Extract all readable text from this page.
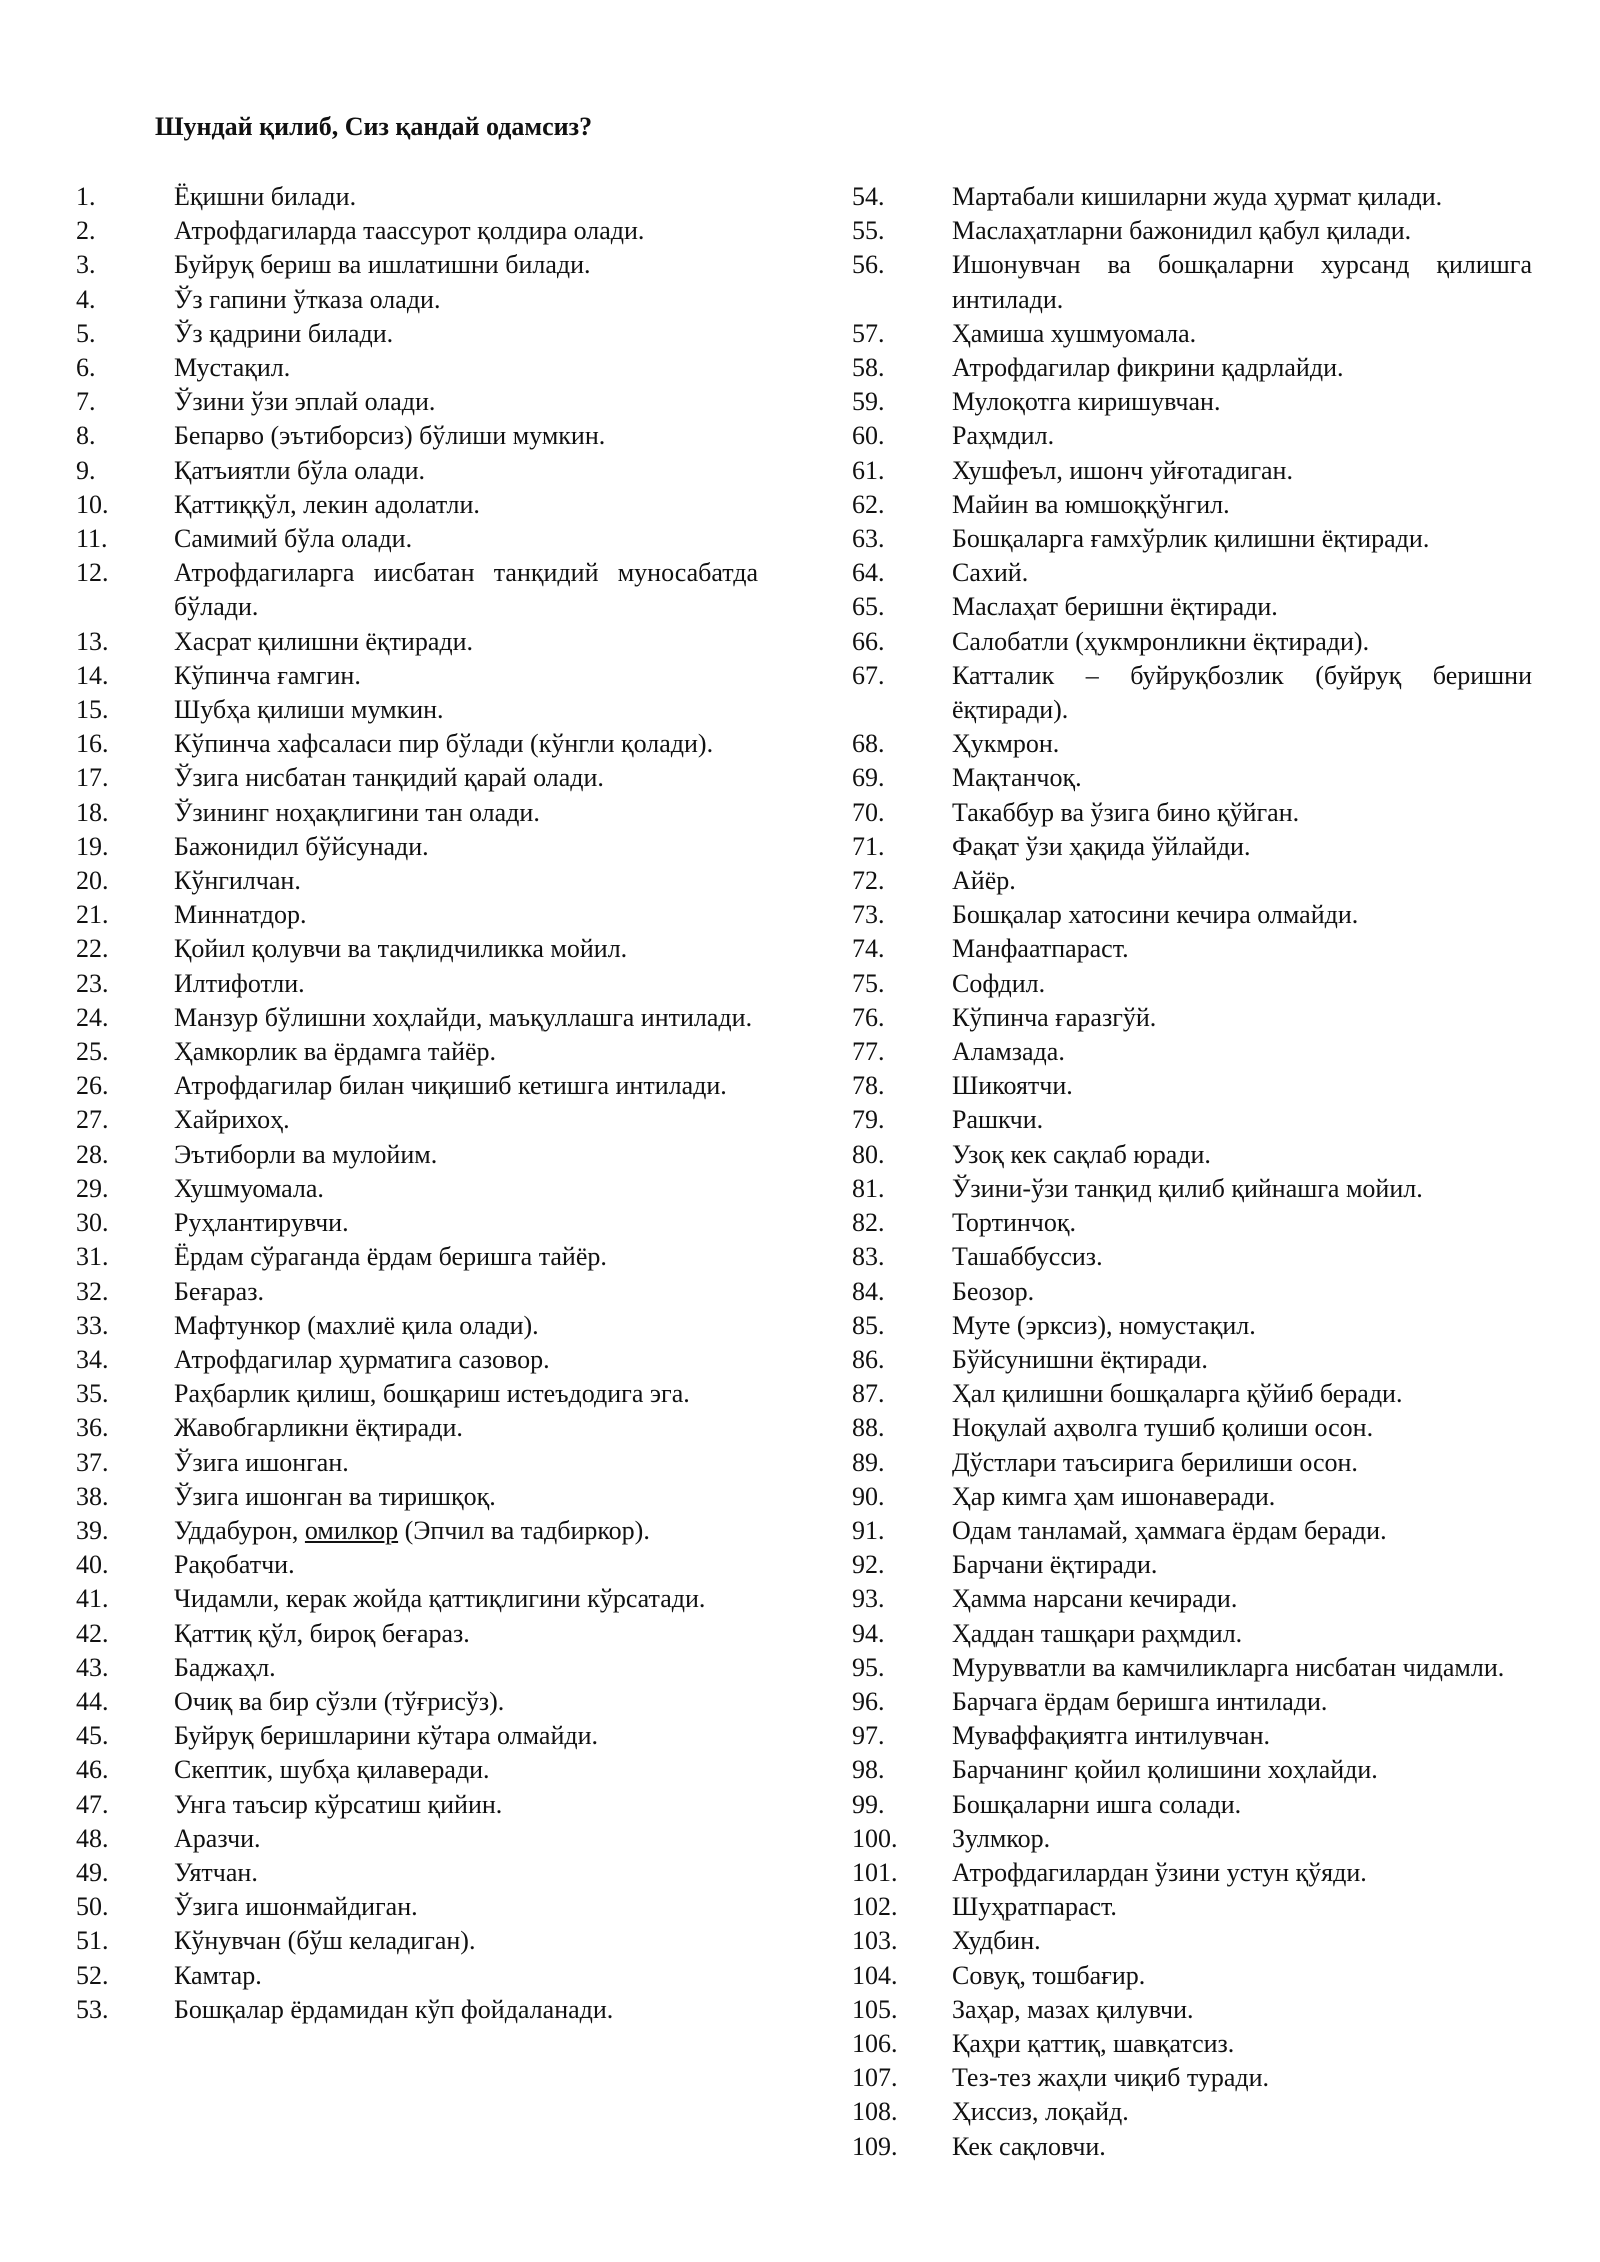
Шундай қилиб, Сиз қандай одамсиз?
1.	Ёқишни билади.
2.	Атрофдагиларда таассурот қолдира олади.
3.	Буйруқ бериш ва ишлатишни билади.
4.	Ўз гапини ўтказа олади.
5.	Ўз қадрини билади.
6.	Мустақил.
7.	Ўзини ўзи эплай олади.
8.	Бепарво (эътиборсиз) бўлиши мумкин.
9.	Қатъиятли бўла олади.
10.	Қаттиққўл, лекин адолатли.
11.	Самимий бўла олади.
12.	Атрофдагиларга иисбатан танқидий муносабатда бўлади.
13.	Хасрат қилишни ёқтиради.
14.	Кўпинча ғамгин.
15.	Шубҳа қилиши мумкин.
16.	Кўпинча хафсаласи пир бўлади (кўнгли қолади).
17.	Ўзига нисбатан танқидий қарай олади.
18.	Ўзининг ноҳақлигини тан олади.
19.	Бажонидил бўйсунади.
20.	Кўнгилчан.
21.	Миннатдор.
22.	Қойил қолувчи ва тақлидчиликка мойил.
23.	Илтифотли.
24.	Манзур бўлишни хоҳлайди, маъқуллашга интилади.
25.	Ҳамкорлик ва ёрдамга тайёр.
26.	Атрофдагилар билан чиқишиб кетишга интилади.
27.	Хайрихоҳ.
28.	Эътиборли ва мулойим.
29.	Хушмуомала.
30.	Руҳлантирувчи.
31.	Ёрдам сўраганда ёрдам беришга тайёр.
32.	Беғараз.
33.	Мафтункор (махлиё қила олади).
34.	Атрофдагилар ҳурматига сазовор.
35.	Раҳбарлик қилиш, бошқариш истеъдодига эга.
36.	Жавобгарликни ёқтиради.
37.	Ўзига ишонган.
38.	Ўзига ишонган ва тиришқоқ.
39.	Уддабурон, омилкор (Эпчил ва тадбиркор).
40.	Рақобатчи.
41.	Чидамли, керак жойда қаттиқлигини кўрсатади.
42.	Қаттиқ қўл, бироқ беғараз.
43.	Баджаҳл.
44.	Очиқ ва бир сўзли (тўғрисўз).
45.	Буйруқ беришларини кўтара олмайди.
46.	Скептик, шубҳа қилаверади.
47.	Унга таъсир кўрсатиш қийин.
48.	Аразчи.
49.	Уятчан.
50.	Ўзига ишонмайдиган.
51.	Кўнувчан (бўш келадиган).
52.	Камтар.
53.	Бошқалар ёрдамидан кўп фойдаланади.
54.	Мартабали кишиларни жуда ҳурмат қилади.
55.	Маслаҳатларни бажонидил қабул қилади.
56.	Ишонувчан ва бошқаларни хурсанд қилишга интилади.
57.	Ҳамиша хушмуомала.
58.	Атрофдагилар фикрини қадрлайди.
59.	Мулоқотга киришувчан.
60.	Раҳмдил.
61.	Хушфеъл, ишонч уйғотадиган.
62.	Майин ва юмшоққўнгил.
63.	Бошқаларга ғамхўрлик қилишни ёқтиради.
64.	Сахий.
65.	Маслаҳат беришни ёқтиради.
66.	Салобатли (ҳукмронликни ёқтиради).
67.	Катталик – буйруқбозлик (буйруқ беришни ёқтиради).
68.	Ҳукмрон.
69.	Мақтанчоқ.
70.	Такаббур ва ўзига бино қўйган.
71.	Фақат ўзи ҳақида ўйлайди.
72.	Айёр.
73.	Бошқалар хатосини кечира олмайди.
74.	Манфаатпараст.
75.	Софдил.
76.	Кўпинча ғаразгўй.
77.	Аламзада.
78.	Шикоятчи.
79.	Рашкчи.
80.	Узоқ кек сақлаб юради.
81.	Ўзини-ўзи танқид қилиб қийнашга мойил.
82.	Тортинчоқ.
83.	Ташаббуссиз.
84.	Беозор.
85.	Муте (эрксиз), номустақил.
86.	Бўйсунишни ёқтиради.
87.	Ҳал қилишни бошқаларга қўйиб беради.
88.	Ноқулай аҳволга тушиб қолиши осон.
89.	Дўстлари таъсирига берилиши осон.
90.	Ҳар кимга ҳам ишонаверади.
91.	Одам танламай, ҳаммага ёрдам беради.
92.	Барчани ёқтиради.
93.	Ҳамма нарсани кечиради.
94.	Ҳаддан ташқари раҳмдил.
95.	Мурувватли ва камчиликларга нисбатан чидамли.
96.	Барчага ёрдам беришга интилади.
97.	Муваффақиятга интилувчан.
98.	Барчанинг қойил қолишини хоҳлайди.
99.	Бошқаларни ишга солади.
100.	Зулмкор.
101.	Атрофдагилардан ўзини устун қўяди.
102.	Шуҳратпараст.
103.	Худбин.
104.	Совуқ, тошбағир.
105.	Заҳар, мазах қилувчи.
106.	Қаҳри қаттиқ, шавқатсиз.
107.	Тез-тез жаҳли чиқиб туради.
108.	Ҳиссиз, лоқайд.
109.	Кек сақловчи.
